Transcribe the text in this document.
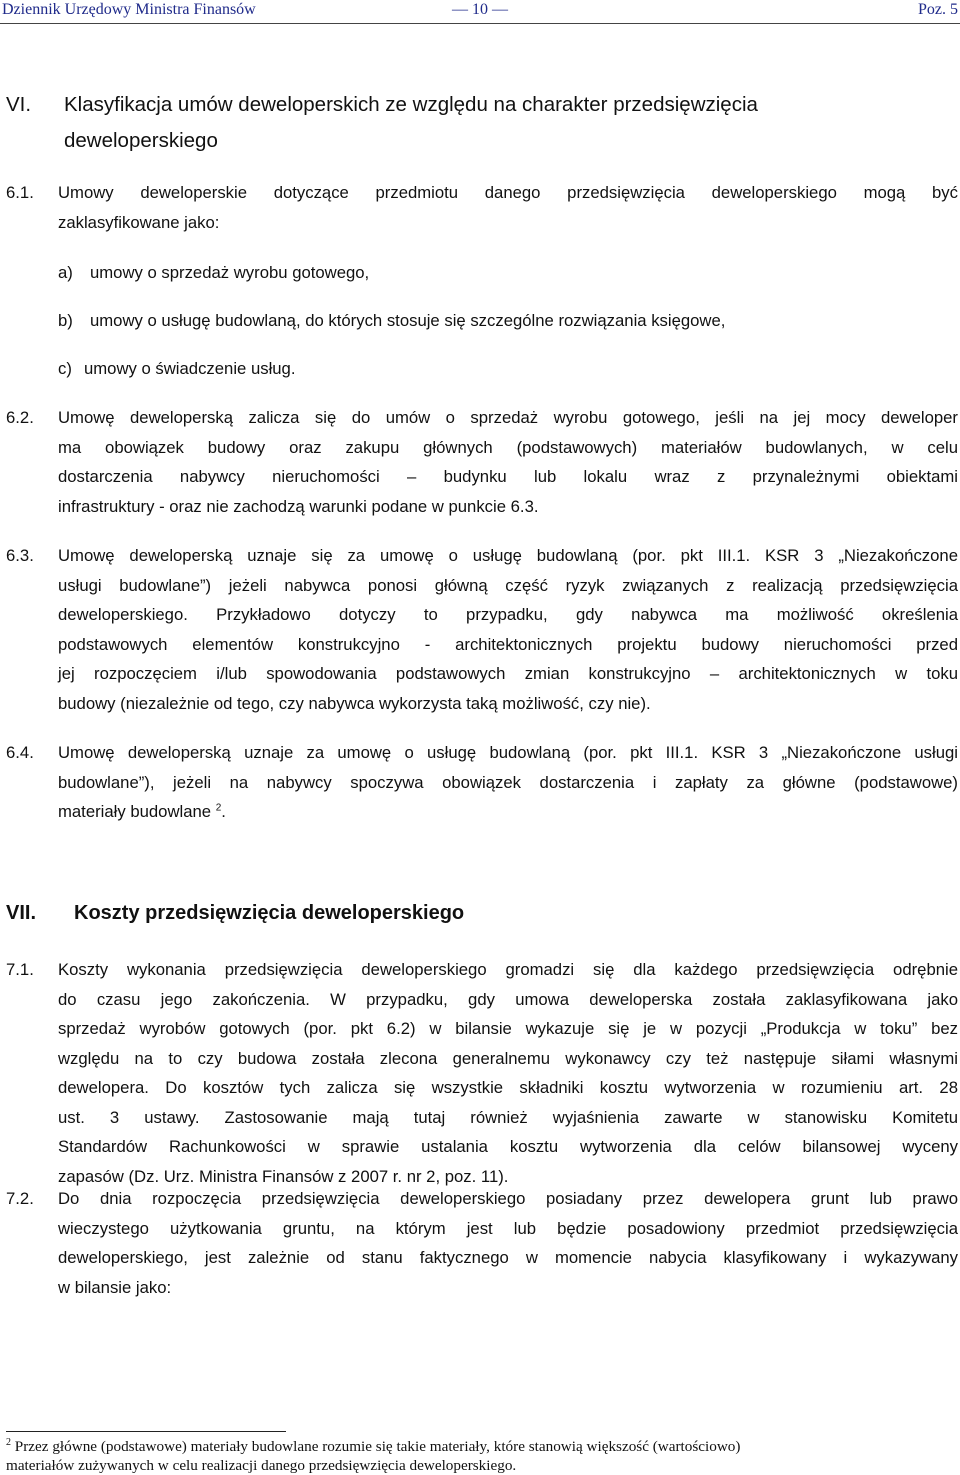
Dziennik Urzędowy Ministra Finansów	— 10 —	Poz. 5
VI. Klasyfikacja umów deweloperskich ze względu na charakter przedsięwzięcia
deweloperskiego
6.1. Umowy deweloperskie dotyczące przedmiotu danego przedsięwzięcia deweloperskiego mogą być
zaklasyfikowane jako:
a) umowy o sprzedaż wyrobu gotowego,
b) umowy o usługę budowlaną, do których stosuje się szczególne rozwiązania księgowe,
c) umowy o świadczenie usług.
6.2. Umowę deweloperską zalicza się do umów o sprzedaż wyrobu gotowego, jeśli na jej mocy deweloper
ma obowiązek budowy oraz zakupu głównych (podstawowych) materiałów budowlanych, w celu
dostarczenia nabywcy nieruchomości – budynku lub lokalu wraz z przynależnymi obiektami
infrastruktury - oraz nie zachodzą warunki podane w punkcie 6.3.
6.3. Umowę deweloperską uznaje się za umowę o usługę budowlaną (por. pkt III.1. KSR 3 „Niezakończone
usługi budowlane”) jeżeli nabywca ponosi główną część ryzyk związanych z realizacją przedsięwzięcia
deweloperskiego. Przykładowo dotyczy to przypadku, gdy nabywca ma możliwość określenia
podstawowych elementów konstrukcyjno - architektonicznych projektu budowy nieruchomości przed
jej rozpoczęciem i/lub spowodowania podstawowych zmian konstrukcyjno – architektonicznych w toku
budowy (niezależnie od tego, czy nabywca wykorzysta taką możliwość, czy nie).
6.4. Umowę deweloperską uznaje za umowę o usługę budowlaną (por. pkt III.1. KSR 3 „Niezakończone usługi
budowlane”), jeżeli na nabywcy spoczywa obowiązek dostarczenia i zapłaty za główne (podstawowe)
materiały budowlane $^2$.
VII. Koszty przedsięwzięcia deweloperskiego
7.1. Koszty wykonania przedsięwzięcia deweloperskiego gromadzi się dla każdego przedsięwzięcia odrębnie
do czasu jego zakończenia. W przypadku, gdy umowa deweloperska została zaklasyfikowana jako
sprzedaż wyrobów gotowych (por. pkt 6.2) w bilansie wykazuje się je w pozycji „Produkcja w toku” bez
względu na to czy budowa została zlecona generalnemu wykonawcy czy też następuje siłami własnymi
dewelopera. Do kosztów tych zalicza się wszystkie składniki kosztu wytworzenia w rozumieniu art. 28
ust. 3 ustawy. Zastosowanie mają tutaj również wyjaśnienia zawarte w stanowisku Komitetu
Standardów Rachunkowości w sprawie ustalania kosztu wytworzenia dla celów bilansowej wyceny
zapasów (Dz. Urz. Ministra Finansów z 2007 r. nr 2, poz. 11).
7.2. Do dnia rozpoczęcia przedsięwzięcia deweloperskiego posiadany przez dewelopera grunt lub prawo
wieczystego użytkowania gruntu, na którym jest lub będzie posadowiony przedmiot przedsięwzięcia
deweloperskiego, jest zależnie od stanu faktycznego w momencie nabycia klasyfikowany i wykazywany
w bilansie jako:
$^2$ Przez główne (podstawowe) materiały budowlane rozumie się takie materiały, które stanowią większość (wartościowo)
materiałów zużywanych w celu realizacji danego przedsięwzięcia deweloperskiego.
